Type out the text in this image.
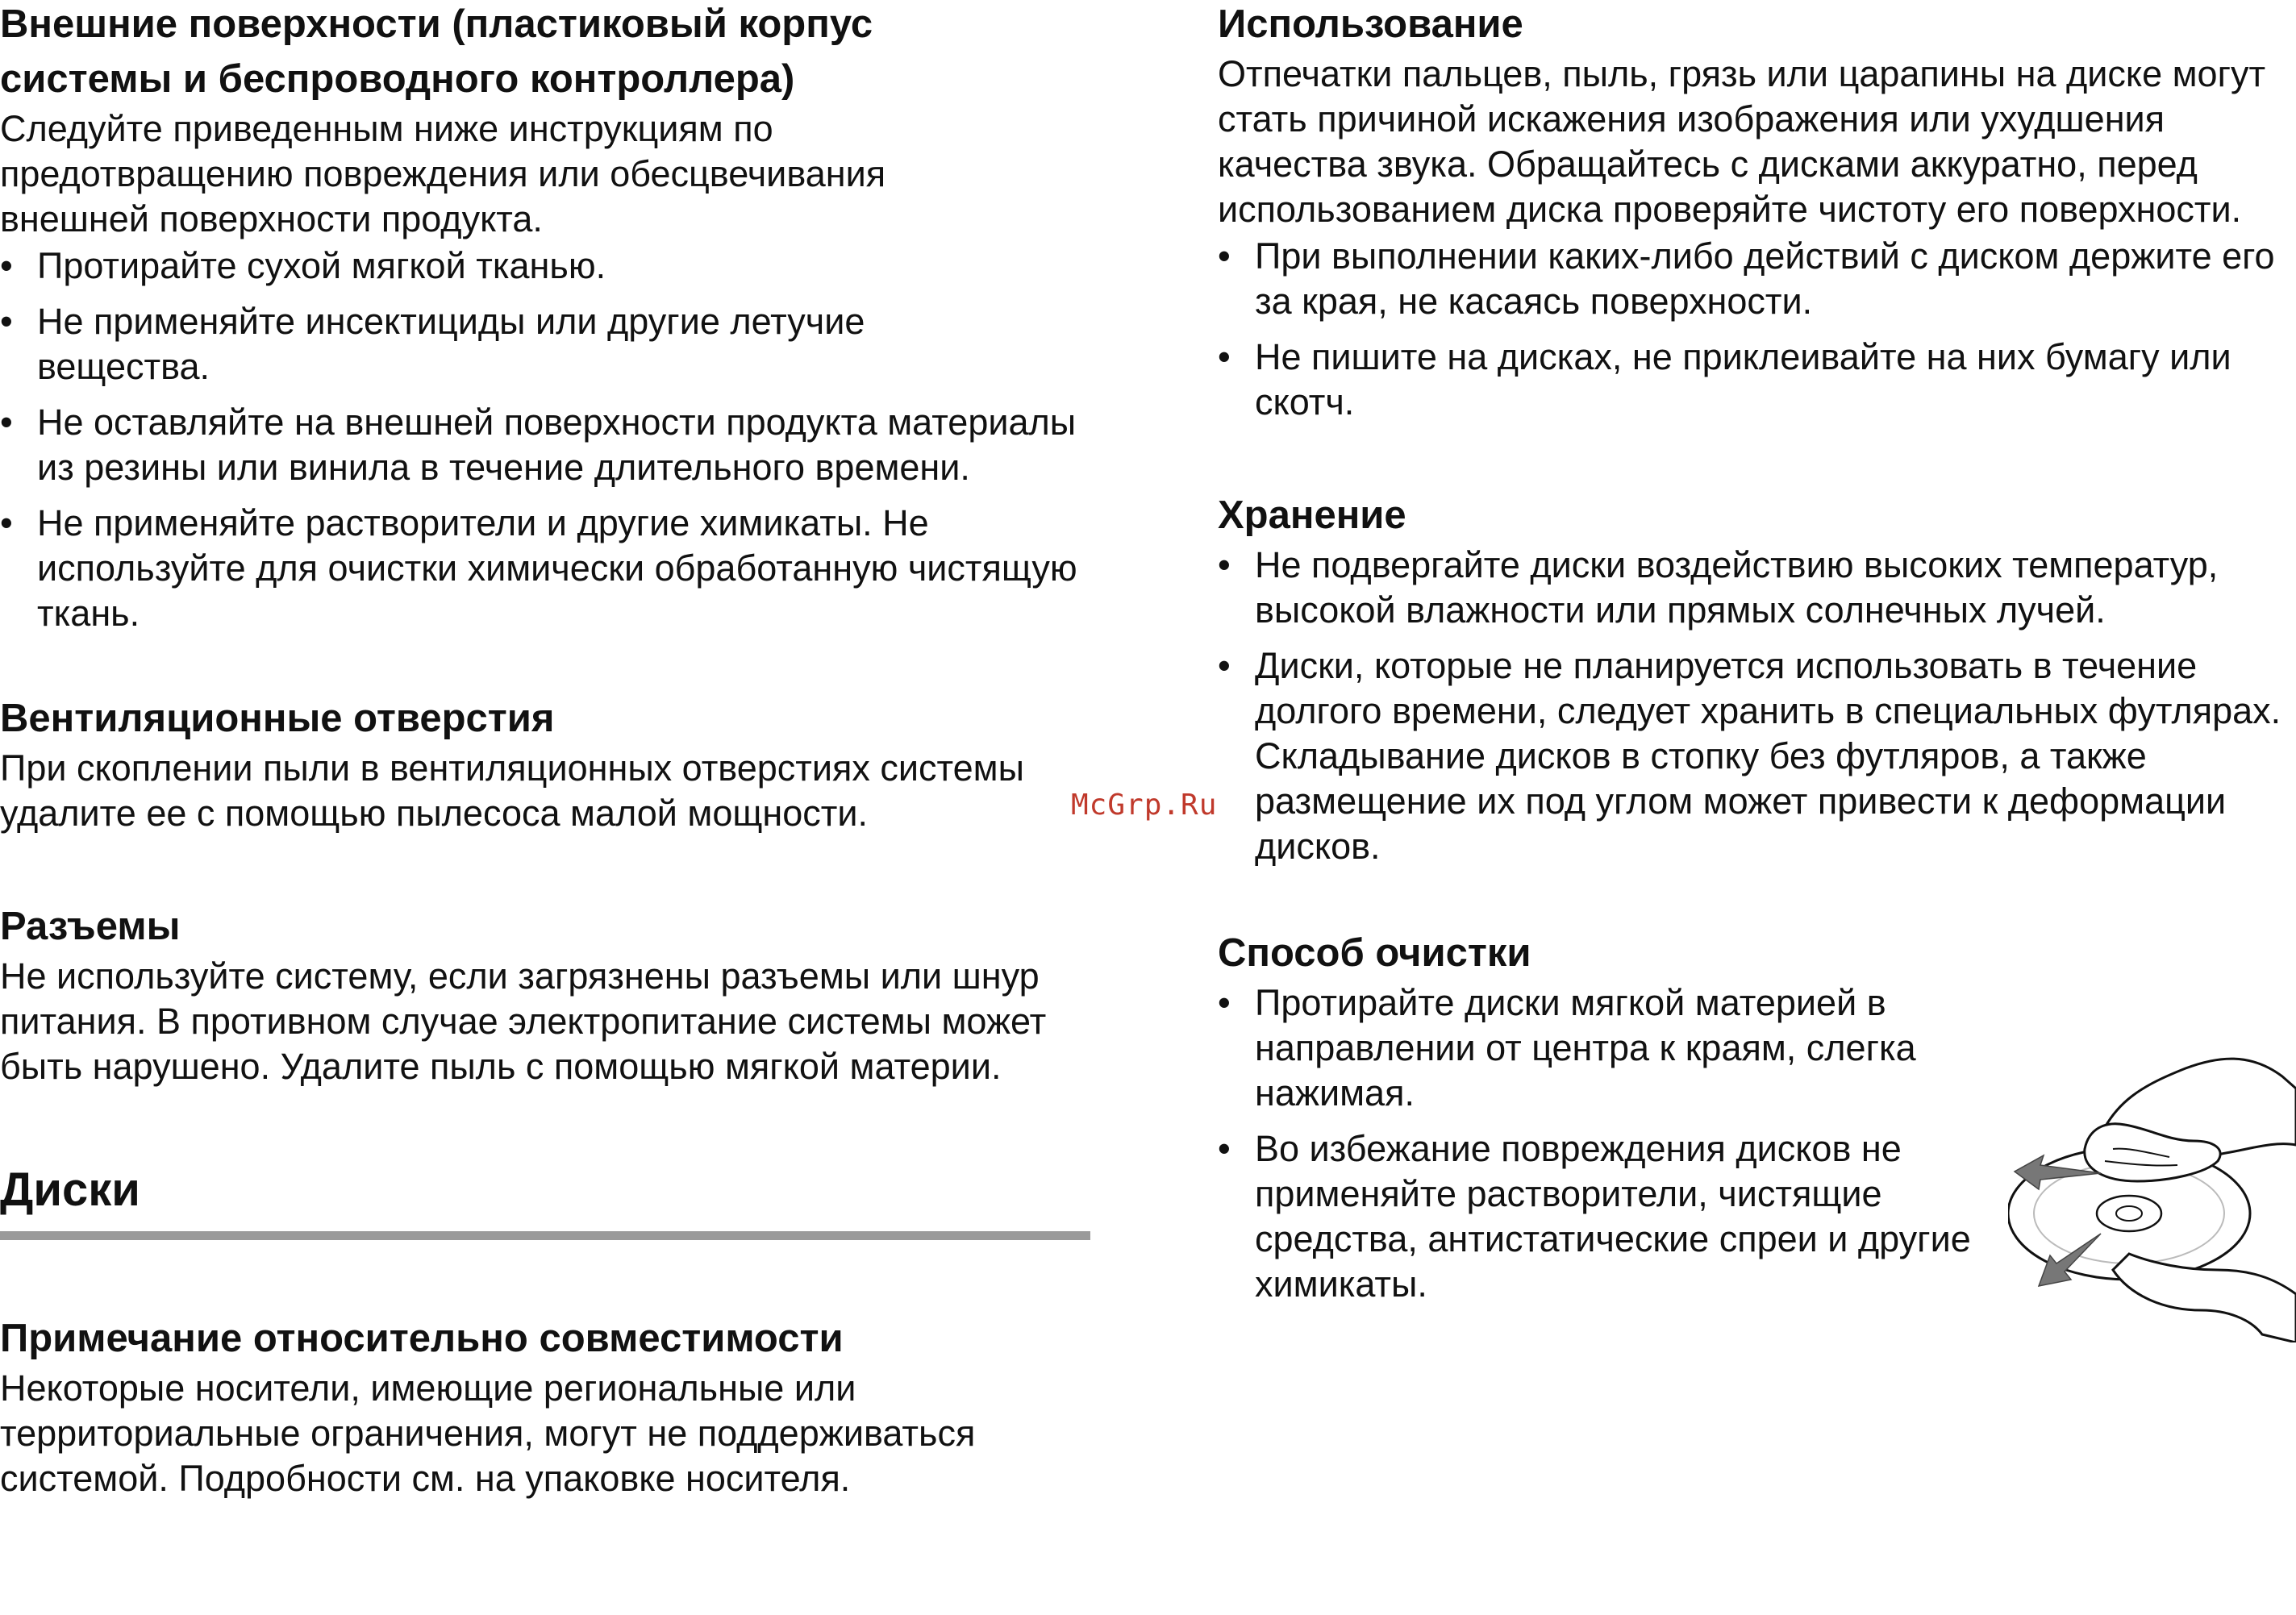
Внешние поверхности (пластиковый корпус
системы и беспроводного контроллера)

Следуйте приведенным ниже инструкциям по предотвращению повреждения или обесцвечивания внешней поверхности продукта.

• Протирайте сухой мягкой тканью.
• Не применяйте инсектициды или другие летучие вещества.
• Не оставляйте на внешней поверхности продукта материалы из резины или винила в течение длительного времени.
• Не применяйте растворители и другие химикаты. Не используйте для очистки химически обработанную чистящую ткань.
Вентиляционные отверстия

При скоплении пыли в вентиляционных отверстиях системы удалите ее с помощью пылесоса малой мощности.

Разъемы

Не используйте систему, если загрязнены разъемы или шнур питания. В противном случае электропитание системы может быть нарушено. Удалите пыль с помощью мягкой материи.

Диски
Примечание относительно совместимости

Некоторые носители, имеющие региональные или территориальные ограничения, могут не поддерживаться системой. Подробности см. на упаковке носителя.

Использование

Отпечатки пальцев, пыль, грязь или царапины на диске могут стать причиной искажения изображения или ухудшения качества звука. Обращайтесь с дисками аккуратно, перед использованием диска проверяйте чистоту его поверхности.

• При выполнении каких-либо действий с диском держите его за края, не касаясь поверхности.
• Не пишите на дисках, не приклеивайте на них бумагу или скотч.
Хранение
• Не подвергайте диски воздействию высоких температур, высокой влажности или прямых солнечных лучей.
• Диски, которые не планируется использовать в течение долгого времени, следует хранить в специальных футлярах. Складывание дисков в стопку без футляров, а также размещение их под углом может привести к деформации дисков.
Способ очистки
• Протирайте диски мягкой материей в направлении от центра к краям, слегка нажимая.
• Во избежание повреждения дисков не применяйте растворители, чистящие средства, антистатические спреи и другие химикаты.
McGrp.Ru
